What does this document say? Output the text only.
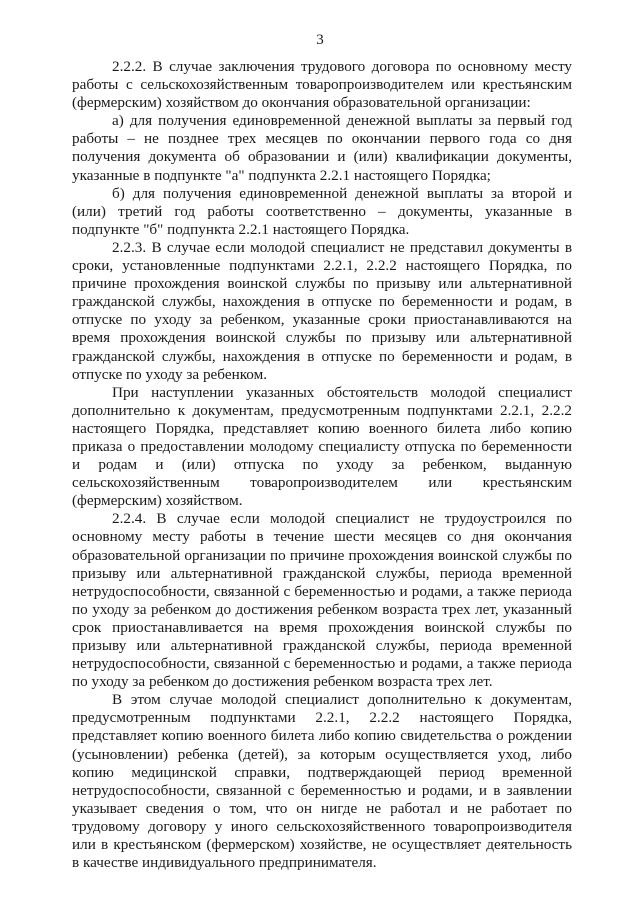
3

2.2.2. В случае заключения трудового договора по основному месту работы с сельскохозяйственным товаропроизводителем или крестьянским (фермерским) хозяйством до окончания образовательной организации:

а) для получения единовременной денежной выплаты за первый год работы – не позднее трех месяцев по окончании первого года со дня получения документа об образовании и (или) квалификации документы, указанные в подпункте "а" подпункта 2.2.1 настоящего Порядка;

б) для получения единовременной денежной выплаты за второй и (или) третий год работы соответственно – документы, указанные в подпункте "б" подпункта 2.2.1 настоящего Порядка.

2.2.3. В случае если молодой специалист не представил документы в сроки, установленные подпунктами 2.2.1, 2.2.2 настоящего Порядка, по причине прохождения воинской службы по призыву или альтернативной гражданской службы, нахождения в отпуске по беременности и родам, в отпуске по уходу за ребенком, указанные сроки приостанавливаются на время прохождения воинской службы по призыву или альтернативной гражданской службы, нахождения в отпуске по беременности и родам, в отпуске по уходу за ребенком.

При наступлении указанных обстоятельств молодой специалист дополнительно к документам, предусмотренным подпунктами 2.2.1, 2.2.2 настоящего Порядка, представляет копию военного билета либо копию приказа о предоставлении молодому специалисту отпуска по беременности и родам и (или) отпуска по уходу за ребенком, выданную сельскохозяйственным товаропроизводителем или крестьянским (фермерским) хозяйством.

2.2.4. В случае если молодой специалист не трудоустроился по основному месту работы в течение шести месяцев со дня окончания образовательной организации по причине прохождения воинской службы по призыву или альтернативной гражданской службы, периода временной нетрудоспособности, связанной с беременностью и родами, а также периода по уходу за ребенком до достижения ребенком возраста трех лет, указанный срок приостанавливается на время прохождения воинской службы по призыву или альтернативной гражданской службы, периода временной нетрудоспособности, связанной с беременностью и родами, а также периода по уходу за ребенком до достижения ребенком возраста трех лет.

В этом случае молодой специалист дополнительно к документам, предусмотренным подпунктами 2.2.1, 2.2.2 настоящего Порядка, представляет копию военного билета либо копию свидетельства о рождении (усыновлении) ребенка (детей), за которым осуществляется уход, либо копию медицинской справки, подтверждающей период временной нетрудоспособности, связанной с беременностью и родами, и в заявлении указывает сведения о том, что он нигде не работал и не работает по трудовому договору у иного сельскохозяйственного товаропроизводителя или в крестьянском (фермерском) хозяйстве, не осуществляет деятельность в качестве индивидуального предпринимателя.
